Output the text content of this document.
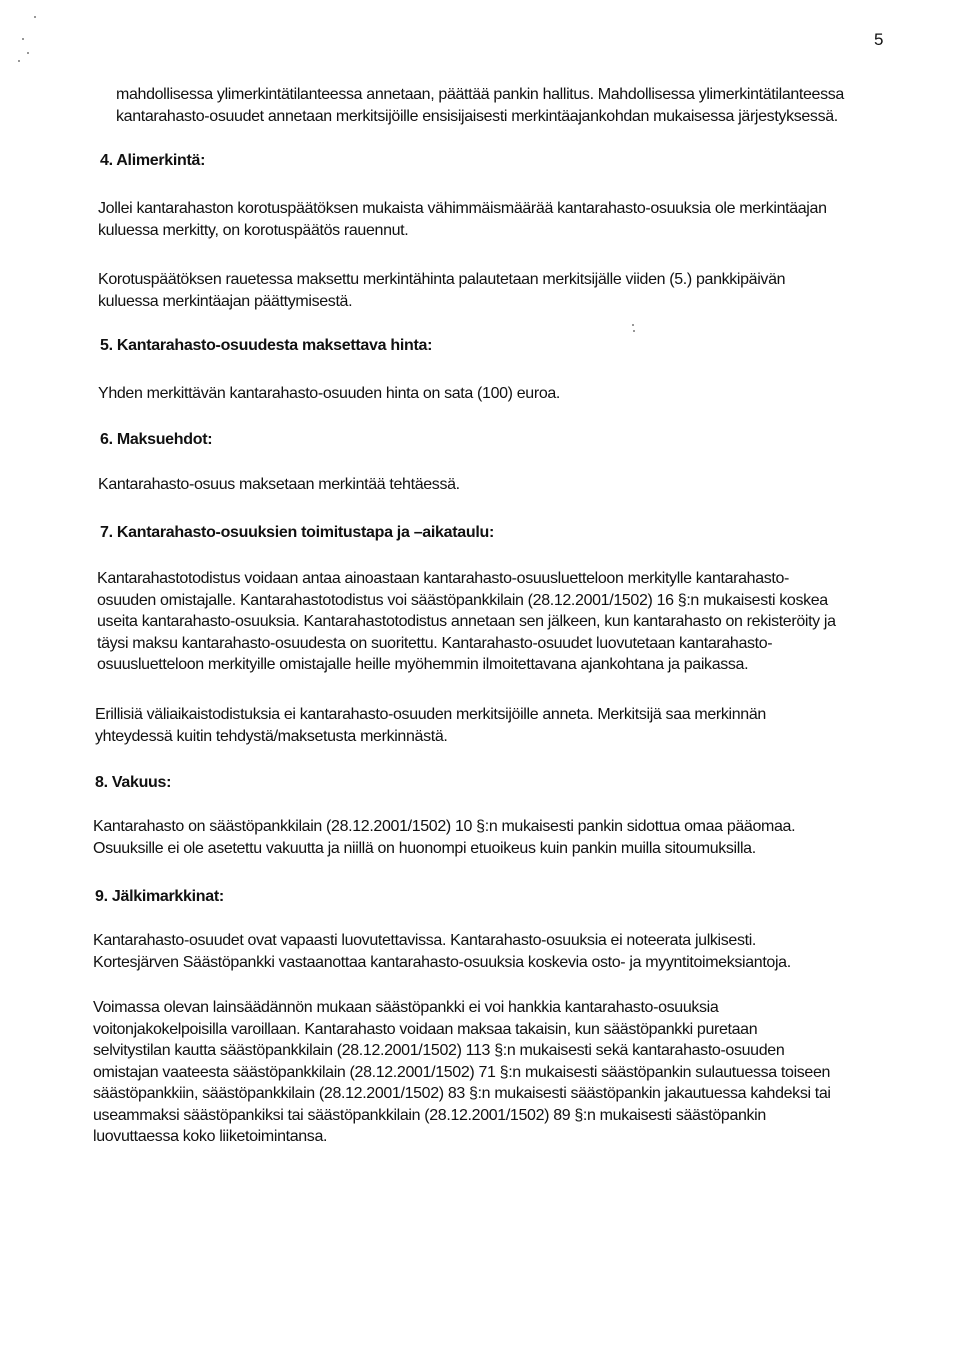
5
mahdollisessa ylimerkintätilanteessa annetaan, päättää pankin hallitus. Mahdollisessa ylimerkintätilanteessa
kantarahasto-osuudet annetaan merkitsijöille ensisijaisesti merkintäajankohdan mukaisessa järjestyksessä.
4. Alimerkintä:
Jollei kantarahaston korotuspäätöksen mukaista vähimmäismäärää kantarahasto-osuuksia ole merkintäajan
kuluessa merkitty, on korotuspäätös rauennut.
Korotuspäätöksen rauetessa maksettu merkintähinta palautetaan merkitsijälle viiden (5.) pankkipäivän
kuluessa merkintäajan päättymisestä.
5. Kantarahasto-osuudesta maksettava hinta:
Yhden merkittävän kantarahasto-osuuden hinta on sata (100) euroa.
6. Maksuehdot:
Kantarahasto-osuus maksetaan merkintää tehtäessä.
7. Kantarahasto-osuuksien toimitustapa ja –aikataulu:
Kantarahastotodistus voidaan antaa ainoastaan kantarahasto-osuusluetteloon merkitylle kantarahasto-
osuuden omistajalle. Kantarahastotodistus voi säästöpankkilain (28.12.2001/1502) 16 §:n mukaisesti koskea
useita kantarahasto-osuuksia. Kantarahastotodistus annetaan sen jälkeen, kun kantarahasto on rekisteröity ja
täysi maksu kantarahasto-osuudesta on suoritettu. Kantarahasto-osuudet luovutetaan kantarahasto-
osuusluetteloon merkityille omistajalle heille myöhemmin ilmoitettavana ajankohtana ja paikassa.
Erillisiä väliaikaistodistuksia ei kantarahasto-osuuden merkitsijöille anneta. Merkitsijä saa merkinnän
yhteydessä kuitin tehdystä/maksetusta merkinnästä.
8. Vakuus:
Kantarahasto on säästöpankkilain (28.12.2001/1502) 10 §:n mukaisesti pankin sidottua omaa pääomaa.
Osuuksille ei ole asetettu vakuutta ja niillä on huonompi etuoikeus kuin pankin muilla sitoumuksilla.
9. Jälkimarkkinat:
Kantarahasto-osuudet ovat vapaasti luovutettavissa. Kantarahasto-osuuksia ei noteerata julkisesti.
Kortesjärven Säästöpankki vastaanottaa kantarahasto-osuuksia koskevia osto- ja myyntitoimeksiantoja.
Voimassa olevan lainsäädännön mukaan säästöpankki ei voi hankkia kantarahasto-osuuksia
voitonjakokelpoisilla varoillaan. Kantarahasto voidaan maksaa takaisin, kun säästöpankki puretaan
selvitystilan kautta säästöpankkilain (28.12.2001/1502) 113 §:n mukaisesti sekä kantarahasto-osuuden
omistajan vaateesta säästöpankkilain (28.12.2001/1502) 71 §:n mukaisesti säästöpankin sulautuessa toiseen
säästöpankkiin, säästöpankkilain (28.12.2001/1502) 83 §:n mukaisesti säästöpankin jakautuessa kahdeksi tai
useammaksi säästöpankiksi tai säästöpankkilain (28.12.2001/1502) 89 §:n mukaisesti säästöpankin
luovuttaessa koko liiketoimintansa.
